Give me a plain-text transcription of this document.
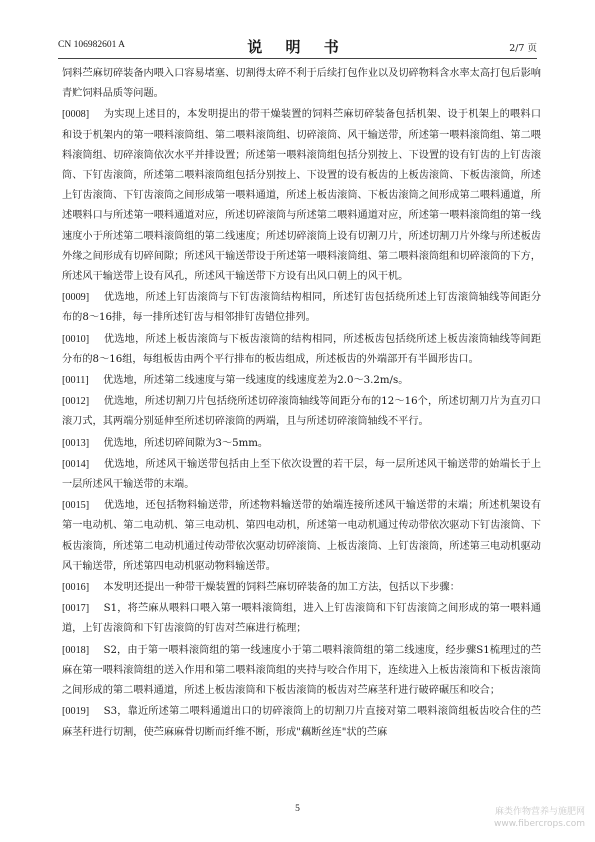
CN 106982601 A	说 明 书	2/7 页

饲料苎麻切碎装备内喂入口容易堵塞、切割得太碎不利于后续打包作业以及切碎物料含水率太高打包后影响青贮饲料品质等问题。

[0008]　 为实现上述目的，本发明提出的带干燥装置的饲料苎麻切碎装备包括机架、设于机架上的喂料口和设于机架内的第一喂料滚筒组、第二喂料滚筒组、切碎滚筒、风干输送带，所述第一喂料滚筒组、第二喂料滚筒组、切碎滚筒依次水平并排设置；所述第一喂料滚筒组包括分别按上、下设置的设有钉齿的上钉齿滚筒、下钉齿滚筒，所述第二喂料滚筒组包括分别按上、下设置的设有板齿的上板齿滚筒、下板齿滚筒，所述上钉齿滚筒、下钉齿滚筒之间形成第一喂料通道，所述上板齿滚筒、下板齿滚筒之间形成第二喂料通道，所述喂料口与所述第一喂料通道对应，所述切碎滚筒与所述第二喂料通道对应，所述第一喂料滚筒组的第一线速度小于所述第二喂料滚筒组的第二线速度；所述切碎滚筒上设有切割刀片，所述切割刀片外缘与所述板齿外缘之间形成有切碎间隙；所述风干输送带设于所述第一喂料滚筒组、第二喂料滚筒组和切碎滚筒的下方，所述风干输送带上设有风孔，所述风干输送带下方设有出风口朝上的风干机。

[0009]　 优选地，所述上钉齿滚筒与下钉齿滚筒结构相同，所述钉齿包括绕所述上钉齿滚筒轴线等间距分布的8～16排，每一排所述钉齿与相邻排钉齿错位排列。

[0010]　 优选地，所述上板齿滚筒与下板齿滚筒的结构相同，所述板齿包括绕所述上板齿滚筒轴线等间距分布的8～16组，每组板齿由两个平行排布的板齿组成，所述板齿的外端部开有半圆形齿口。

[0011]　 优选地，所述第二线速度与第一线速度的线速度差为2.0～3.2m/s。

[0012]　 优选地，所述切割刀片包括绕所述切碎滚筒轴线等间距分布的12～16个，所述切割刀片为直刃口滚刀式，其两端分别延伸至所述切碎滚筒的两端，且与所述切碎滚筒轴线不平行。

[0013]　 优选地，所述切碎间隙为3～5mm。

[0014]　 优选地，所述风干输送带包括由上至下依次设置的若干层，每一层所述风干输送带的始端长于上一层所述风干输送带的末端。

[0015]　 优选地，还包括物料输送带，所述物料输送带的始端连接所述风干输送带的末端；所述机架设有第一电动机、第二电动机、第三电动机、第四电动机，所述第一电动机通过传动带依次驱动下钉齿滚筒、下板齿滚筒，所述第二电动机通过传动带依次驱动切碎滚筒、上板齿滚筒、上钉齿滚筒，所述第三电动机驱动风干输送带，所述第四电动机驱动物料输送带。

[0016]　 本发明还提出一种带干燥装置的饲料苎麻切碎装备的加工方法，包括以下步骤：

[0017]　 S1，将苎麻从喂料口喂入第一喂料滚筒组，进入上钉齿滚筒和下钉齿滚筒之间形成的第一喂料通道，上钉齿滚筒和下钉齿滚筒的钉齿对苎麻进行梳理；

[0018]　 S2，由于第一喂料滚筒组的第一线速度小于第二喂料滚筒组的第二线速度，经步骤S1梳理过的苎麻在第一喂料滚筒组的送入作用和第二喂料滚筒组的夹持与咬合作用下，连续进入上板齿滚筒和下板齿滚筒之间形成的第二喂料通道，所述上板齿滚筒和下板齿滚筒的板齿对苎麻茎秆进行破碎碾压和咬合；

[0019]　 S3，靠近所述第二喂料通道出口的切碎滚筒上的切割刀片直接对第二喂料滚筒组板齿咬合住的苎麻茎秆进行切割，使苎麻麻骨切断而纤维不断，形成"藕断丝连"状的苎麻

5	麻类作物营养与施肥网
www.fibercrops.com
